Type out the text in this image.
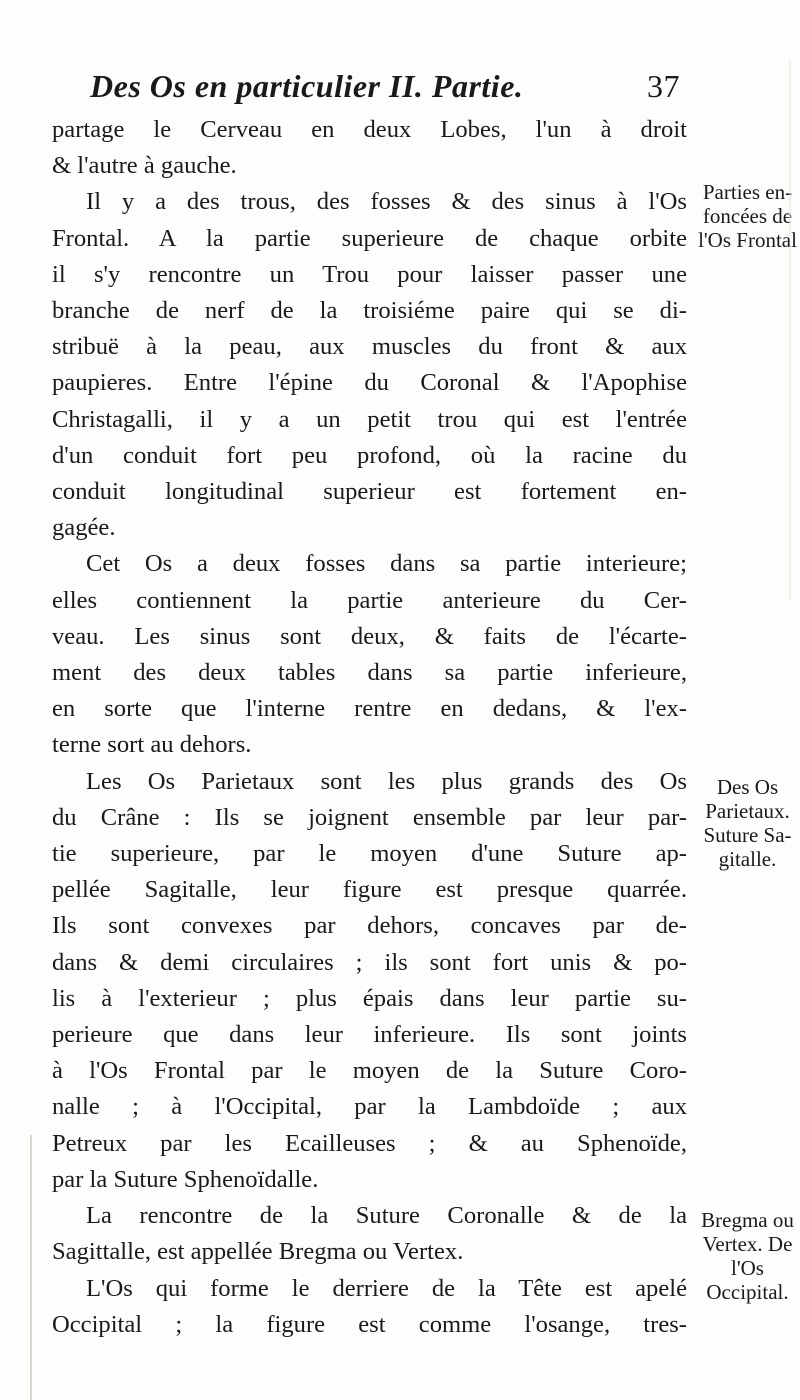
Des Os en particulier II. Partie.	37
partage le Cerveau en deux Lobes, l'un à droit
& l'autre à gauche.
Il y a des trous, des fosses & des sinus à l'Os
Frontal. A la partie superieure de chaque orbite
il s'y rencontre un Trou pour laisser passer une
branche de nerf de la troisiéme paire qui se di-
stribuë à la peau, aux muscles du front & aux
paupieres. Entre l'épine du Coronal & l'Apophise
Christagalli, il y a un petit trou qui est l'entrée
d'un conduit fort peu profond, où la racine du
conduit longitudinal superieur est fortement en-
gagée.
Cet Os a deux fosses dans sa partie interieure;
elles contiennent la partie anterieure du Cer-
veau. Les sinus sont deux, & faits de l'écarte-
ment des deux tables dans sa partie inferieure,
en sorte que l'interne rentre en dedans, & l'ex-
terne sort au dehors.
Les Os Parietaux sont les plus grands des Os
du Crâne : Ils se joignent ensemble par leur par-
tie superieure, par le moyen d'une Suture ap-
pellée Sagitalle, leur figure est presque quarrée.
Ils sont convexes par dehors, concaves par de-
dans & demi circulaires ; ils sont fort unis & po-
lis à l'exterieur ; plus épais dans leur partie su-
perieure que dans leur inferieure. Ils sont joints
à l'Os Frontal par le moyen de la Suture Coro-
nalle ; à l'Occipital, par la Lambdoïde ; aux
Petreux par les Ecailleuses ; & au Sphenoïde,
par la Suture Sphenoïdalle.
La rencontre de la Suture Coronalle & de la
Sagittalle, est appellée Bregma ou Vertex.
L'Os qui forme le derriere de la Tête est apelé
Occipital ; la figure est comme l'osange, tres-
Parties en- foncées de l'Os Frontal
Des Os Parietaux. Suture Sa- gitalle.
Bregma ou Vertex. De l'Os Occipital.
